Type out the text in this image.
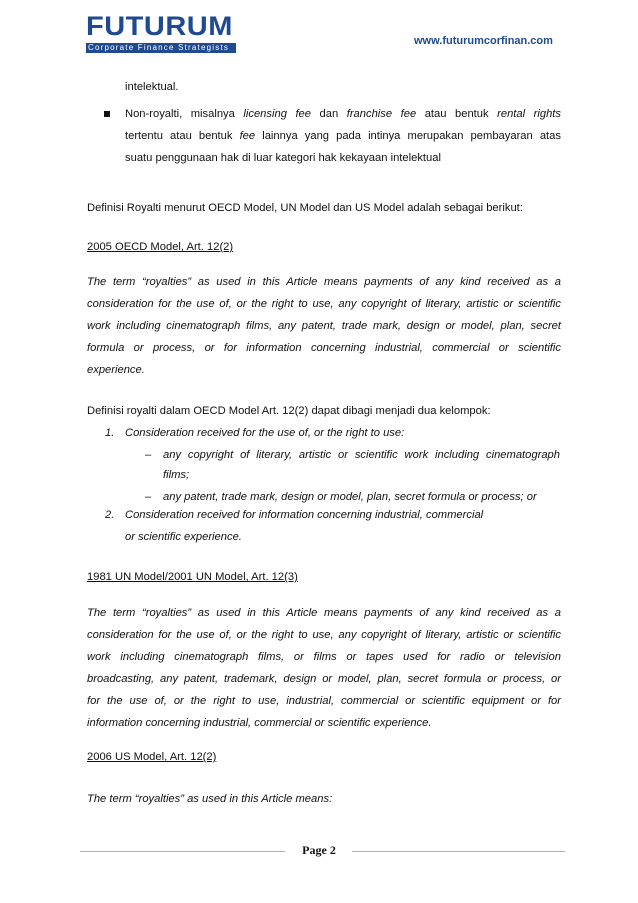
FUTURUM
Corporate Finance Strategists
www.futurumcorfinan.com
intelektual.
Non-royalti, misalnya licensing fee dan franchise fee atau bentuk rental rights
tertentu atau bentuk fee lainnya yang pada intinya merupakan pembayaran atas
suatu penggunaan hak di luar kategori hak kekayaan intelektual
Definisi Royalti menurut OECD Model, UN Model dan US Model adalah sebagai berikut:
2005 OECD Model, Art. 12(2)
The term “royalties” as used in this Article means payments of any kind received as a
consideration for the use of, or the right to use, any copyright of literary, artistic or scientific
work including cinematograph films, any patent, trade mark, design or model, plan, secret
formula or process, or for information concerning industrial, commercial or scientific
experience.
Definisi royalti dalam OECD Model Art. 12(2) dapat dibagi menjadi dua kelompok:
1. Consideration received for the use of, or the right to use:
– any copyright of literary, artistic or scientific work including cinematograph
films;
– any patent, trade mark, design or model, plan, secret formula or process; or
2. Consideration received for information concerning industrial, commercial
or scientific experience.
1981 UN Model/2001 UN Model, Art. 12(3)
The term “royalties” as used in this Article means payments of any kind received as a
consideration for the use of, or the right to use, any copyright of literary, artistic or scientific
work including cinematograph films, or films or tapes used for radio or television
broadcasting, any patent, trademark, design or model, plan, secret formula or process, or
for the use of, or the right to use, industrial, commercial or scientific equipment or for
information concerning industrial, commercial or scientific experience.
2006 US Model, Art. 12(2)
The term “royalties” as used in this Article means:
Page 2
